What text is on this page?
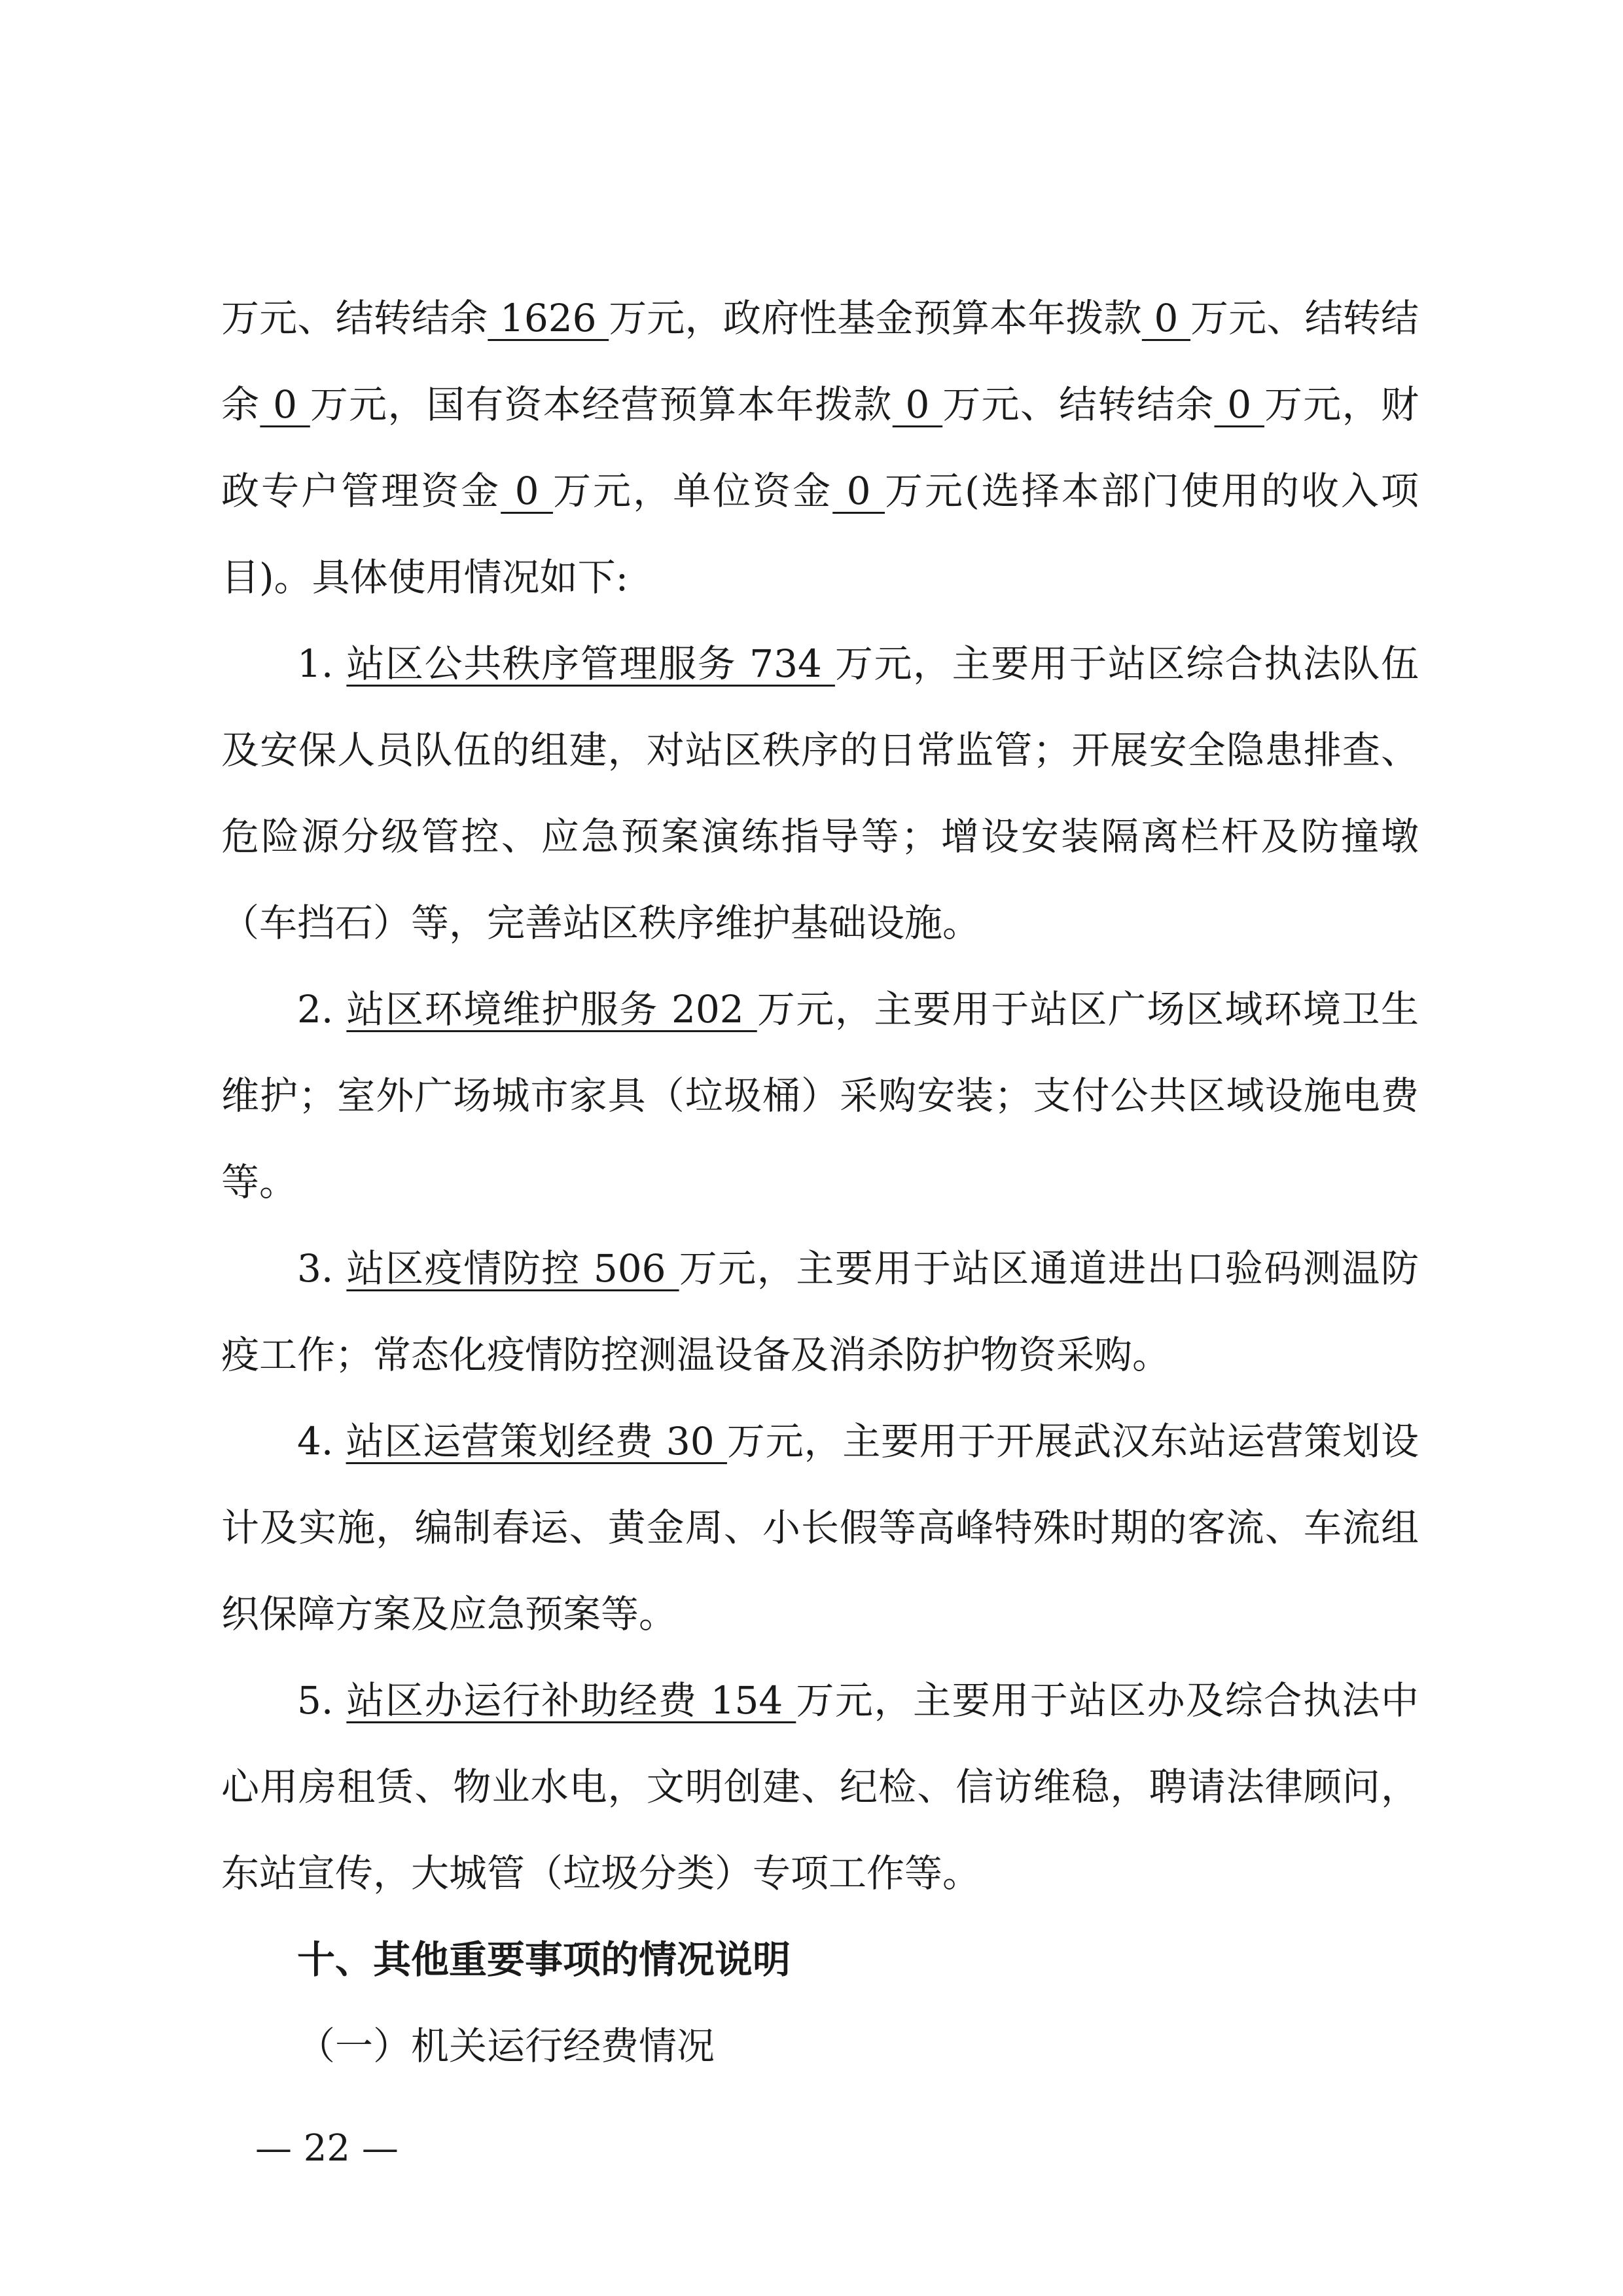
万元、结转结余 1626 万元，政府性基金预算本年拨款 0 万元、结转结余 0 万元，国有资本经营预算本年拨款 0 万元、结转结余 0 万元，财政专户管理资金 0 万元，单位资金 0 万元(选择本部门使用的收入项目)。具体使用情况如下:

1. 站区公共秩序管理服务 734 万元，主要用于站区综合执法队伍及安保人员队伍的组建，对站区秩序的日常监管；开展安全隐患排查、危险源分级管控、应急预案演练指导等；增设安装隔离栏杆及防撞墩（车挡石）等，完善站区秩序维护基础设施。

2. 站区环境维护服务 202 万元，主要用于站区广场区域环境卫生维护；室外广场城市家具（垃圾桶）采购安装；支付公共区域设施电费等。

3. 站区疫情防控 506 万元，主要用于站区通道进出口验码测温防疫工作；常态化疫情防控测温设备及消杀防护物资采购。

4. 站区运营策划经费 30 万元，主要用于开展武汉东站运营策划设计及实施，编制春运、黄金周、小长假等高峰特殊时期的客流、车流组织保障方案及应急预案等。

5. 站区办运行补助经费 154 万元，主要用于站区办及综合执法中心用房租赁、物业水电，文明创建、纪检、信访维稳，聘请法律顾问，东站宣传，大城管（垃圾分类）专项工作等。

十、其他重要事项的情况说明

（一）机关运行经费情况

— 22 —
